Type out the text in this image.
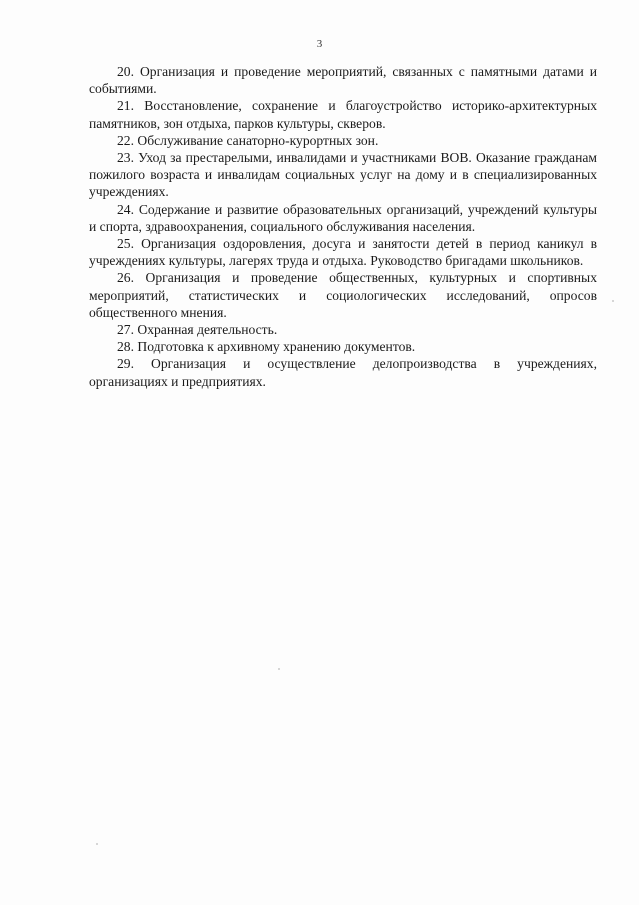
3

20. Организация и проведение мероприятий, связанных с памятными датами и событиями.

21. Восстановление, сохранение и благоустройство историко-архитектурных памятников, зон отдыха, парков культуры, скверов.

22. Обслуживание санаторно-курортных зон.

23. Уход за престарелыми, инвалидами и участниками ВОВ. Оказание гражданам пожилого возраста и инвалидам социальных услуг на дому и в специализированных учреждениях.

24. Содержание и развитие образовательных организаций, учреждений культуры и спорта, здравоохранения, социального обслуживания населения.

25. Организация оздоровления, досуга и занятости детей в период каникул в учреждениях культуры, лагерях труда и отдыха. Руководство бригадами школьников.

26. Организация и проведение общественных, культурных и спортивных мероприятий, статистических и социологических исследований, опросов общественного мнения.

27. Охранная деятельность.

28. Подготовка к архивному хранению документов.

29. Организация и осуществление делопроизводства в учреждениях, организациях и предприятиях.
